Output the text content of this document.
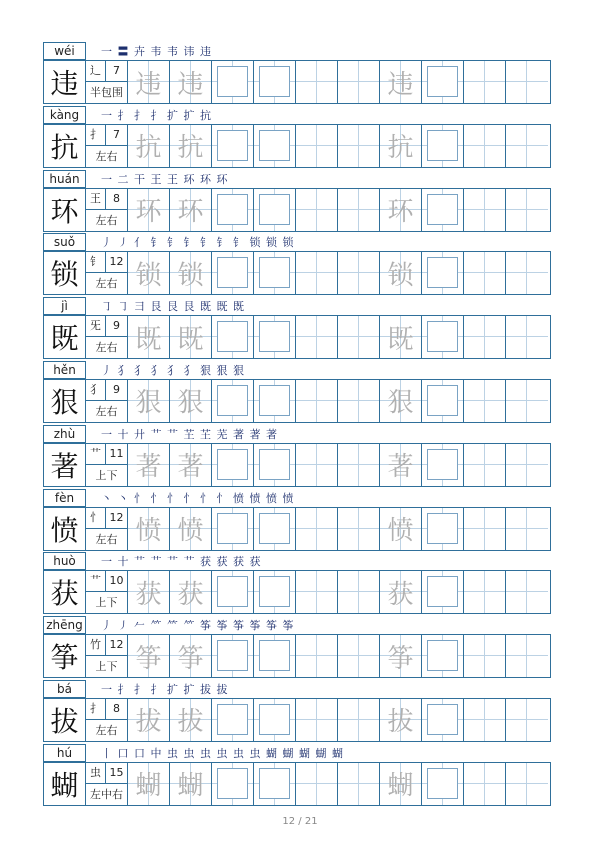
wéi	一 〓 卉 韦 韦 讳 违
违	辶	7
半包围 违 违	违
kàng	一 扌 扌 扌 扩 扩 抗
抗	扌	7
左右 抗 抗	抗
huán	一 二 干 王 王 环 环 环
环	王	8
左右 环 环	环
suǒ	丿 ㇓ 亻 钅 钅 钅 钅 钅 钅 锁 锁 锁
锁	钅 12
左右 锁 锁	锁
jì	㇆ ㇆ 彐 艮 艮 艮 既 既 既
既	旡	9
左右 既 既	既
hěn	丿 犭 犭 犭 犭 犭 狠 狠 狠
狠	犭	9
左右 狠 狠	狠
zhù	一 十 廾 艹 艹 芏 芏 芜 著 著 著
著	艹 11
上下 著 著	著
fèn	丶 丶 忄 忄 忄 忄 忄 忄 愤 愤 愤 愤
愤	忄 12
左右 愤 愤	愤
huò	一 十 艹 艹 艹 艹 获 获 获 获
获	艹 10
上下 获 获	获
zhēng 丿 ㇓ 𠂉 ⺮ ⺮ ⺮ 筝 筝 筝 筝 筝 筝
筝	竹 12
上下 筝 筝	筝
bá	一 扌 扌 扌 扩 扩 拔 拔
拔	扌	8
左右 拔 拔	拔
hú	丨 口 口 中 虫 虫 虫 虫 虫 虫 蝴 蝴 蝴 蝴 蝴
蝴	虫 15
左中右 蝴 蝴	蝴
12 / 21
